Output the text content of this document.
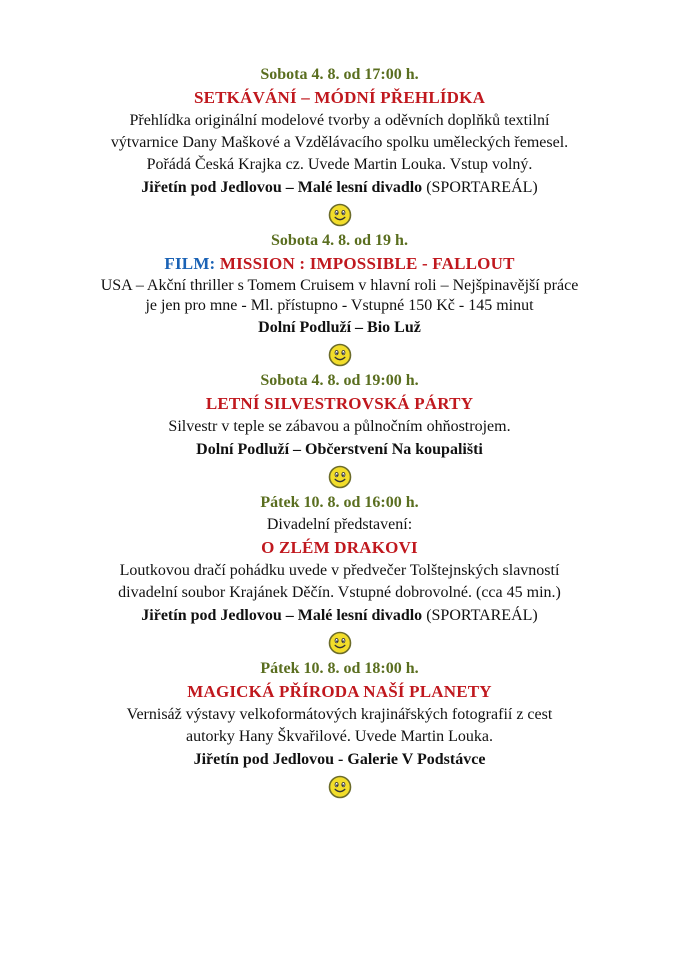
Sobota 4. 8. od 17:00 h.
SETKÁVÁNÍ – MÓDNÍ PŘEHLÍDKA
Přehlídka originální modelové tvorby a oděvních doplňků textilní
výtvarnice Dany Maškové a Vzdělávacího spolku uměleckých řemesel.
Pořádá Česká Krajka cz. Uvede Martin Louka. Vstup volný.
Jiřetín pod Jedlovou – Malé lesní divadlo (SPORTAREÁL)
Sobota 4. 8. od 19 h.
FILM: MISSION : IMPOSSIBLE - FALLOUT
USA – Akční thriller s Tomem Cruisem v hlavní roli – Nejšpinavější práce
je jen pro mne - Ml. přístupno - Vstupné 150 Kč - 145 minut
Dolní Podluží – Bio Luž
Sobota 4. 8. od 19:00 h.
LETNÍ SILVESTROVSKÁ PÁRTY
Silvestr v teple se zábavou a půlnočním ohňostrojem.
Dolní Podluží – Občerstvení Na koupališti
Pátek 10. 8. od 16:00 h.
Divadelní představení:
O ZLÉM DRAKOVI
Loutkovou dračí pohádku uvede v předvečer Tolštejnských slavností
divadelní soubor Krajánek Děčín. Vstupné dobrovolné. (cca 45 min.)
Jiřetín pod Jedlovou – Malé lesní divadlo (SPORTAREÁL)
Pátek 10. 8. od 18:00 h.
MAGICKÁ PŘÍRODA NAŠÍ PLANETY
Vernisáž výstavy velkoformátových krajinářských fotografií z cest
autorky Hany Škvařilové. Uvede Martin Louka.
Jiřetín pod Jedlovou - Galerie V Podstávce
